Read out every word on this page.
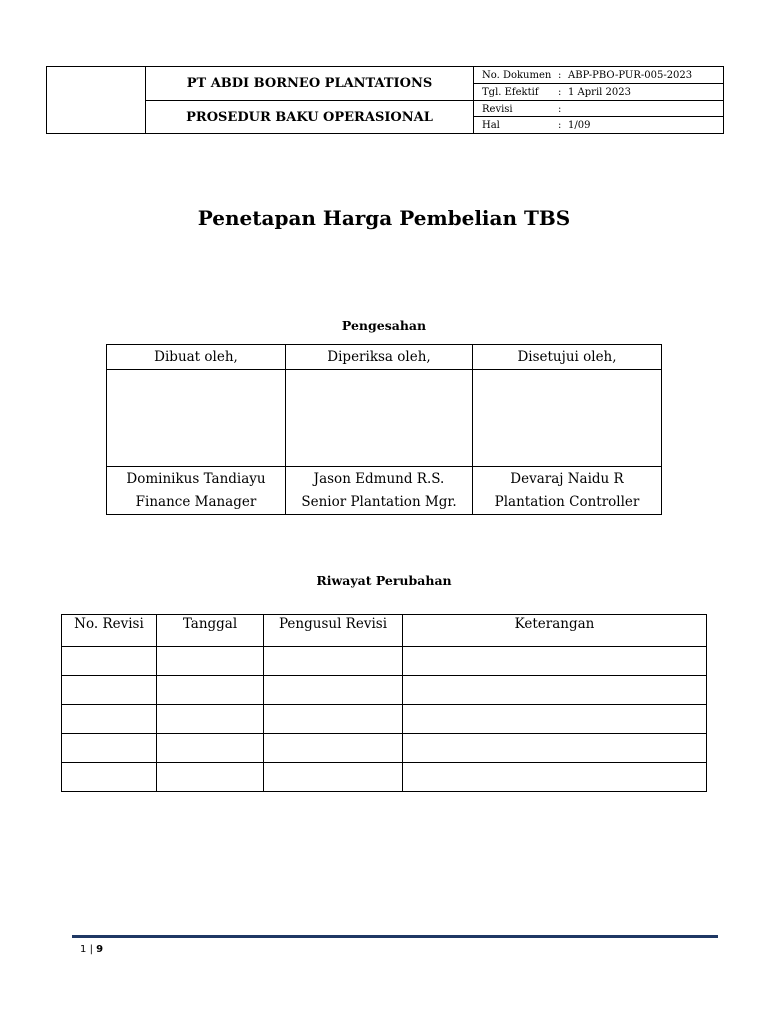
PT ABDI BORNEO PLANTATIONS
PROSEDUR BAKU OPERASIONAL
No. Dokumen : ABP-PBO-PUR-005-2023
Tgl. Efektif	: 1 April 2023
Revisi	:
Hal	: 1/09
Penetapan Harga Pembelian TBS
Pengesahan
Dibuat oleh,	Diperiksa oleh,	Disetujui oleh,

Dominikus Tandiayu	Jason Edmund R.S.	Devaraj Naidu R
Finance Manager	Senior Plantation Mgr.	Plantation Controller
Riwayat Perubahan
No. Revisi	Tanggal	Pengusul Revisi	Keterangan

1 | 9
